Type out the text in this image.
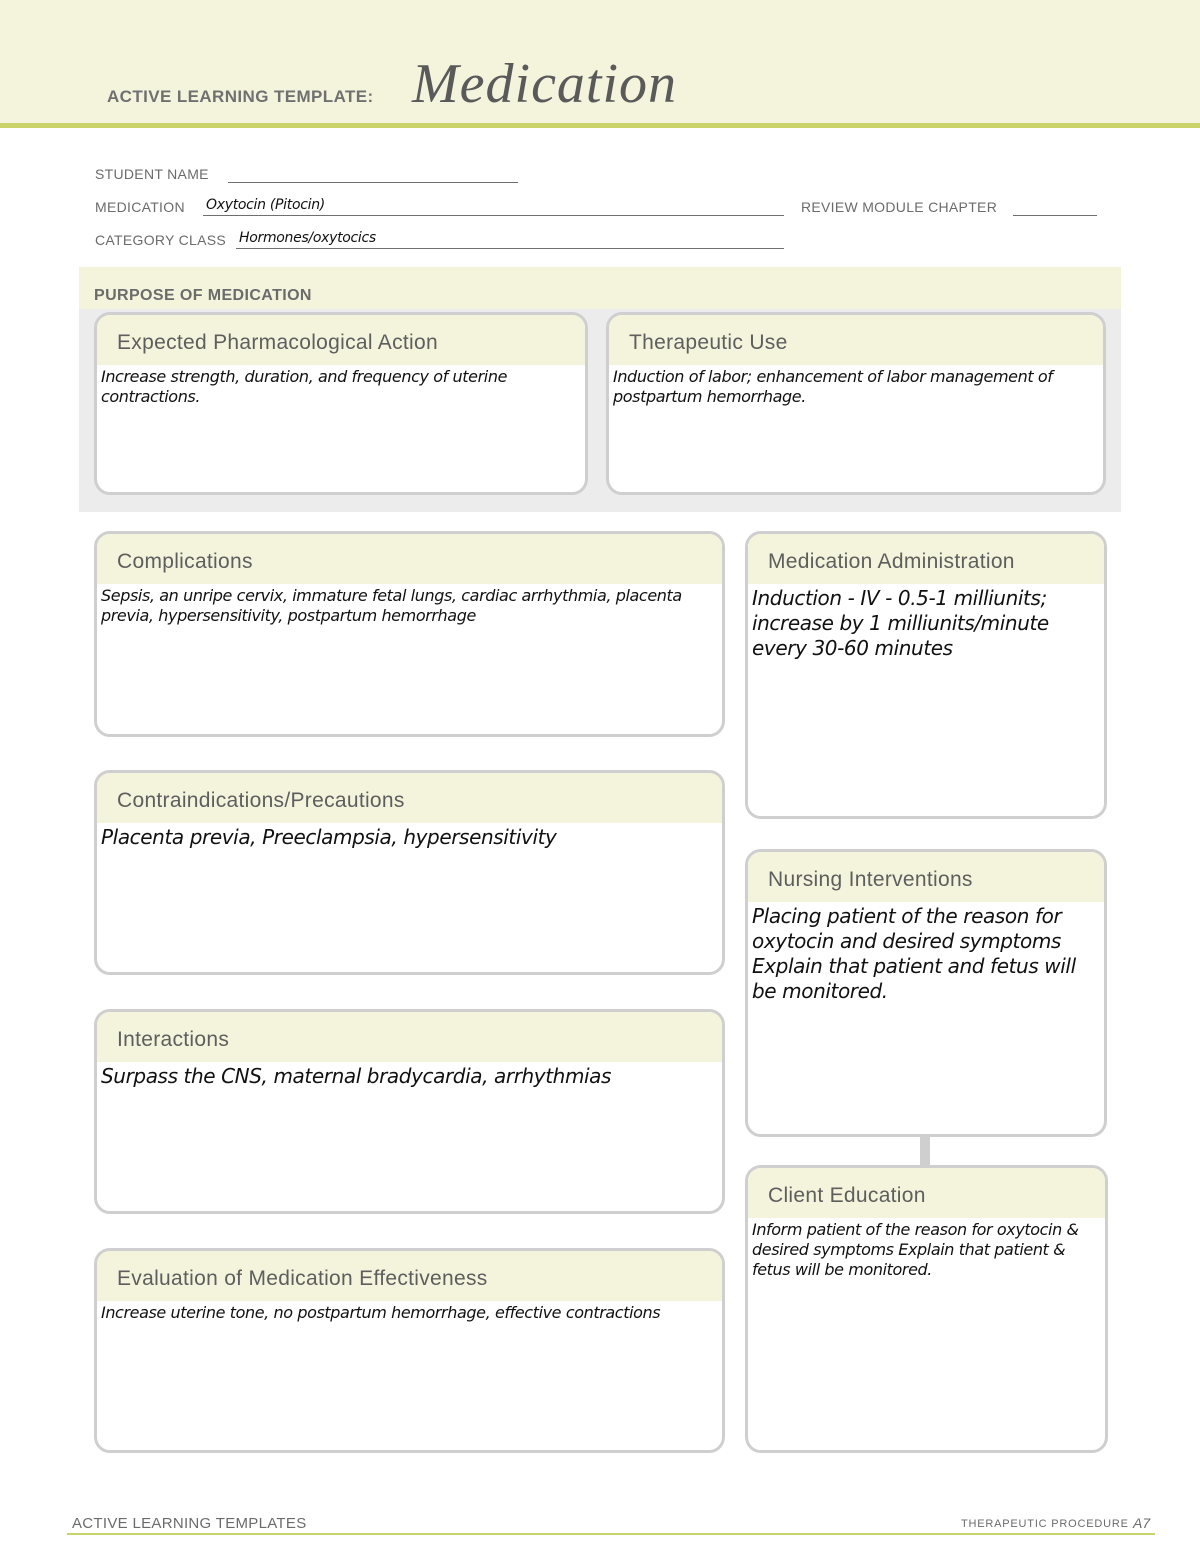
ACTIVE LEARNING TEMPLATE: Medication
STUDENT NAME
MEDICATION Oxytocin (Pitocin)	REVIEW MODULE CHAPTER
CATEGORY CLASS Hormones/oxytocics
PURPOSE OF MEDICATION
Expected Pharmacological Action
Increase strength, duration, and frequency of uterine contractions.
Therapeutic Use
Induction of labor; enhancement of labor management of postpartum hemorrhage.
Complications
Sepsis, an unripe cervix, immature fetal lungs, cardiac arrhythmia, placenta previa, hypersensitivity, postpartum hemorrhage
Contraindications/Precautions
Placenta previa, Preeclampsia, hypersensitivity
Interactions
Surpass the CNS, maternal bradycardia, arrhythmias
Evaluation of Medication Effectiveness
Increase uterine tone, no postpartum hemorrhage, effective contractions
Medication Administration
Induction - IV - 0.5-1 milliunits; increase by 1 milliunits/minute every 30-60 minutes
Nursing Interventions
Placing patient of the reason for oxytocin and desired symptoms Explain that patient and fetus will be monitored.
Client Education
Inform patient of the reason for oxytocin & desired symptoms Explain that patient & fetus will be monitored.
ACTIVE LEARNING TEMPLATES	THERAPEUTIC PROCEDURE A7
